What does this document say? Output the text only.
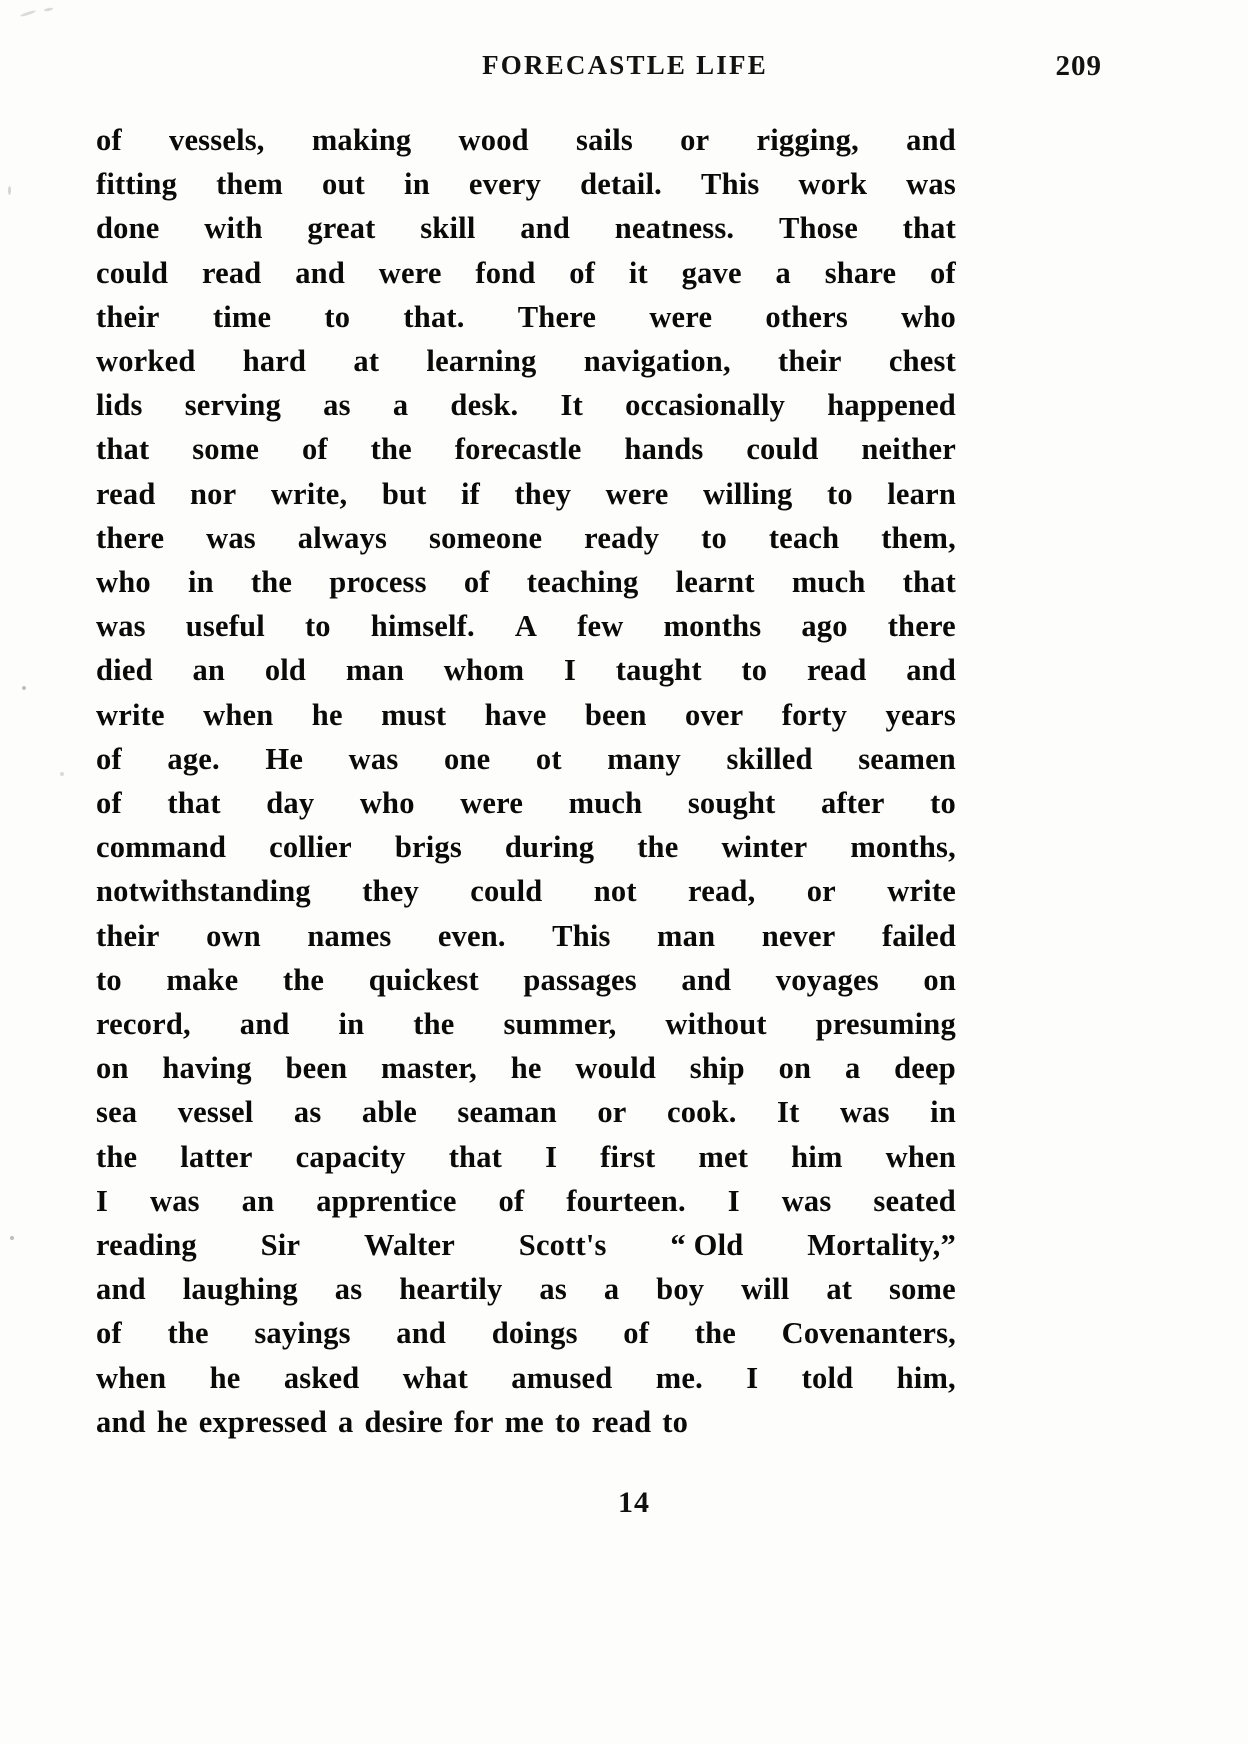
FORECASTLE LIFE	209
of vessels, making wood sails or rigging, and
fitting them out in every detail. This work was
done with great skill and neatness. Those that
could read and were fond of it gave a share of
their time to that. There were others who
worked hard at learning navigation, their chest
lids serving as a desk. It occasionally happened
that some of the forecastle hands could neither
read nor write, but if they were willing to learn
there was always someone ready to teach them,
who in the process of teaching learnt much that
was useful to himself. A few months ago there
died an old man whom I taught to read and
write when he must have been over forty years
of age. He was one ot many skilled seamen
of that day who were much sought after to
command collier brigs during the winter months,
notwithstanding they could not read, or write
their own names even. This man never failed
to make the quickest passages and voyages on
record, and in the summer, without presuming
on having been master, he would ship on a deep
sea vessel as able seaman or cook. It was in
the latter capacity that I first met him when
I was an apprentice of fourteen. I was seated
reading Sir Walter Scott's “ Old Mortality,”
and laughing as heartily as a boy will at some
of the sayings and doings of the Covenanters,
when he asked what amused me. I told him,
and he expressed a desire for me to read to
14
